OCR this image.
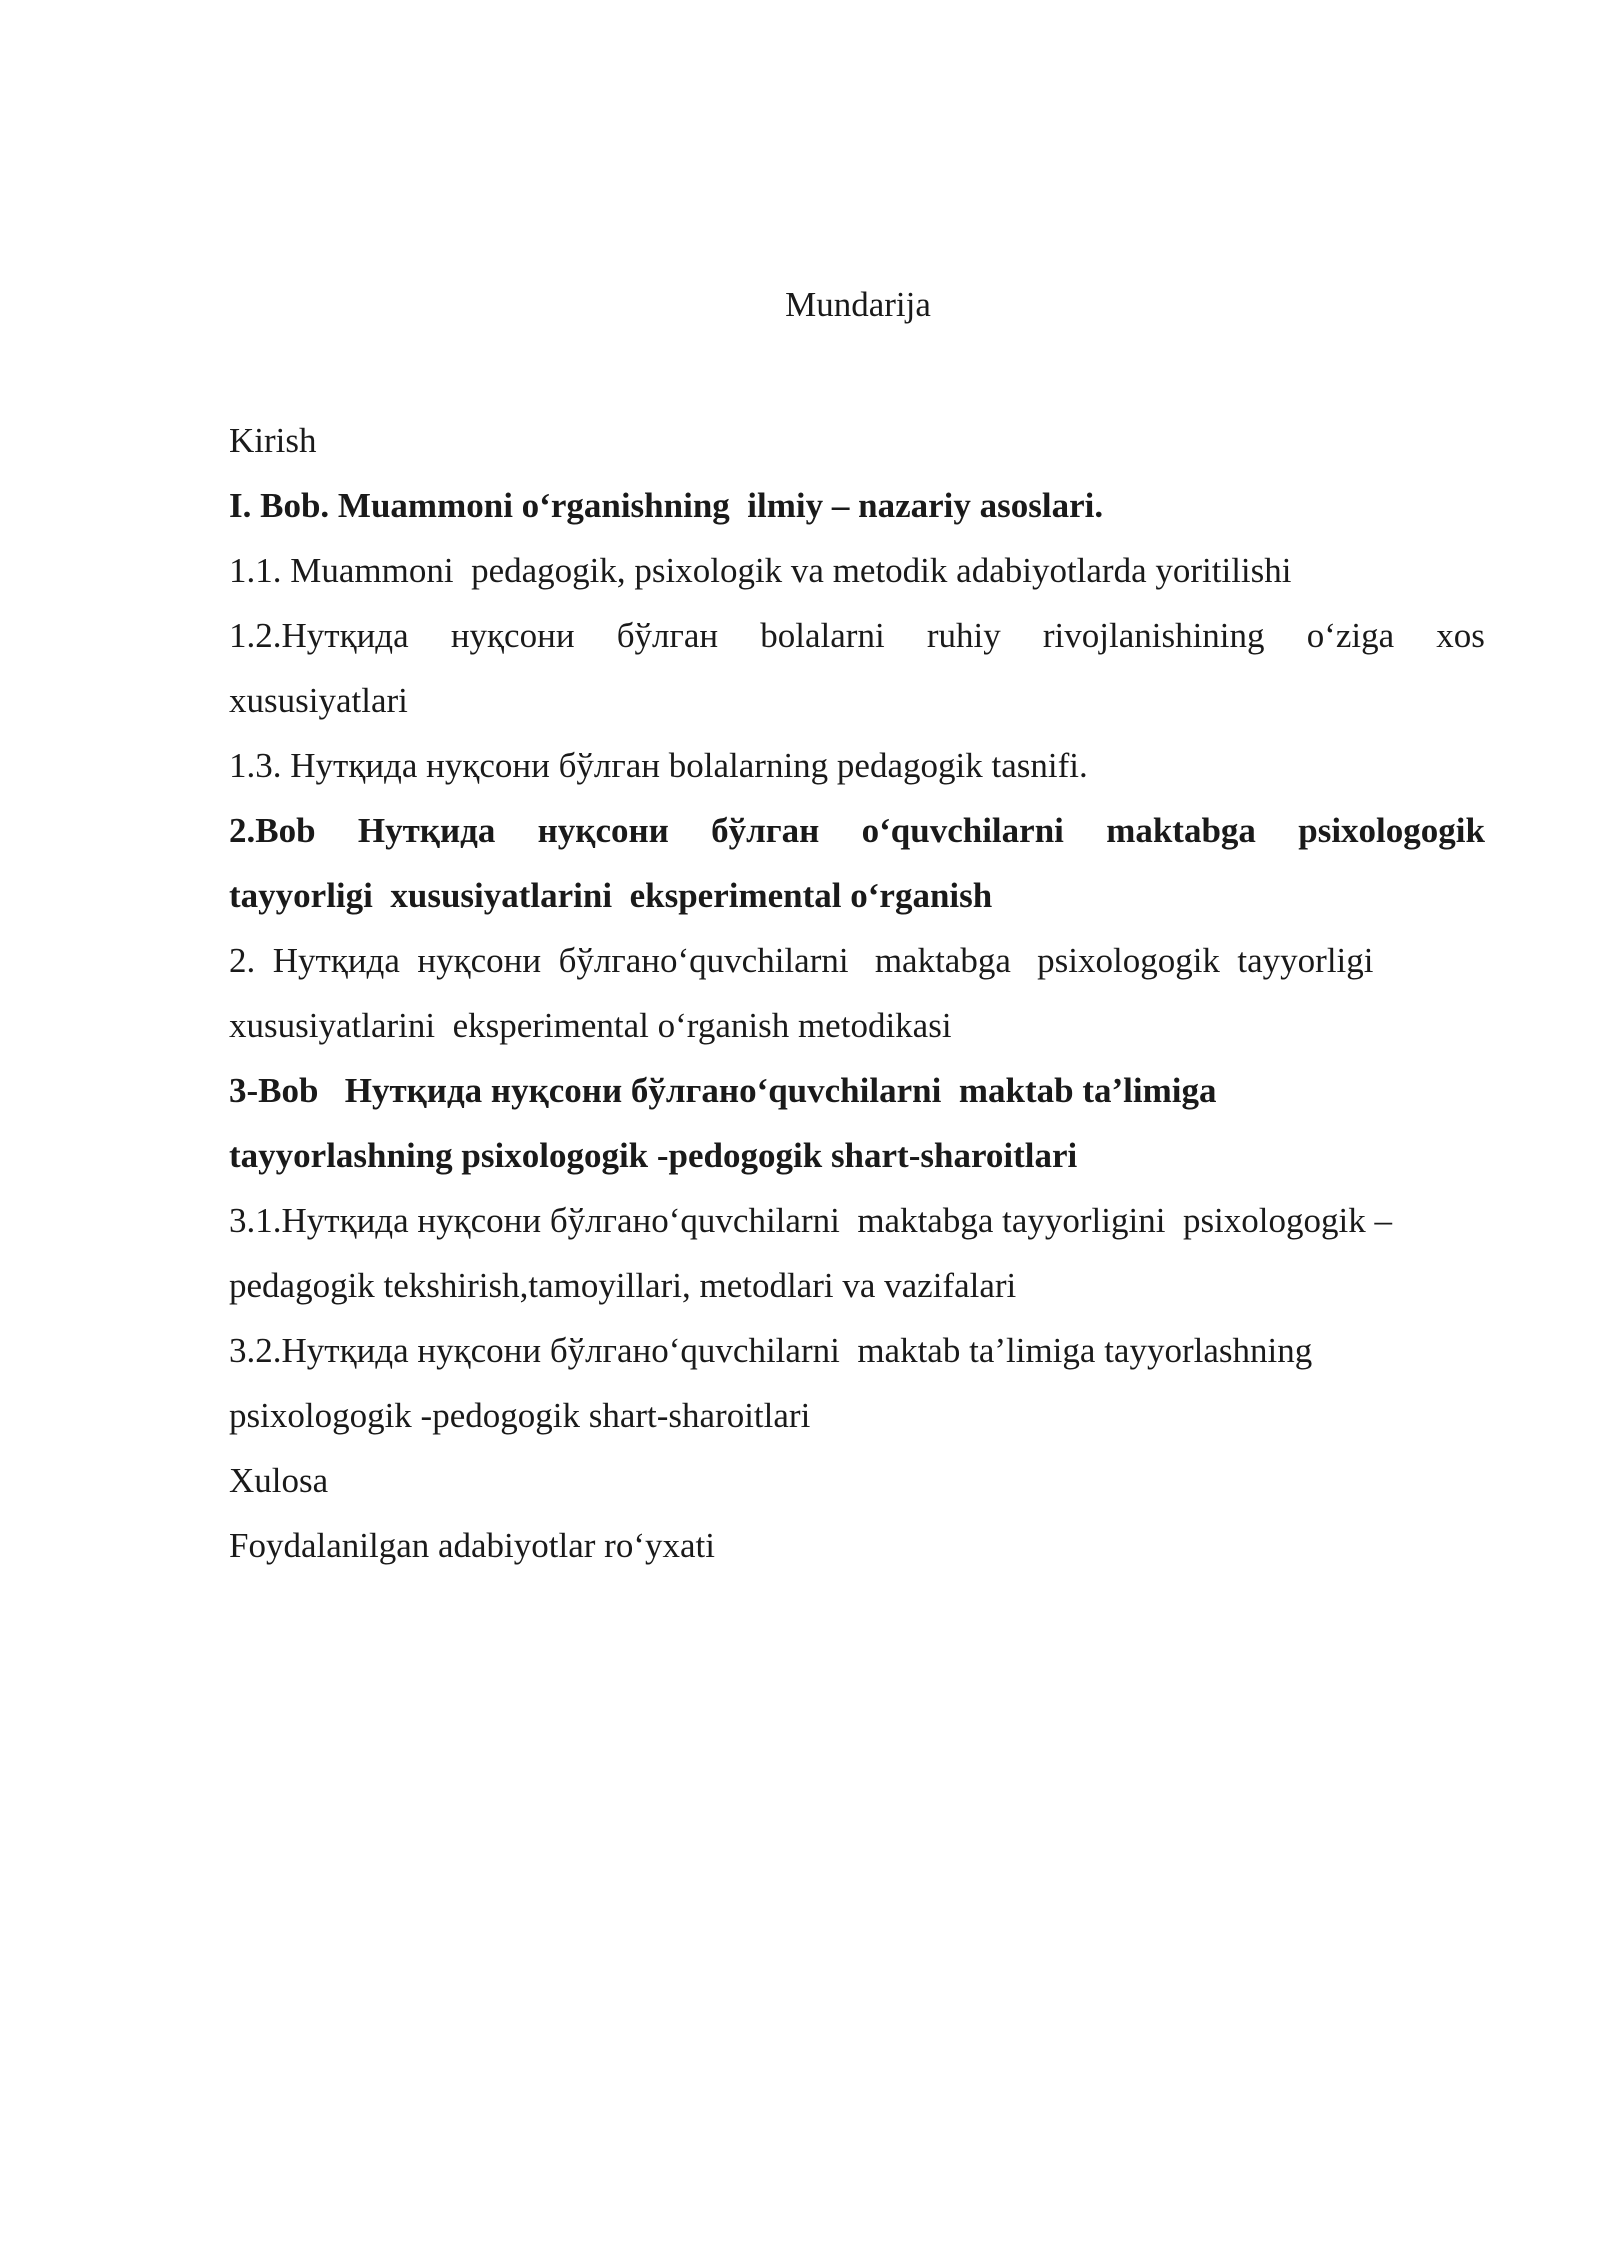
Mundarija
Kirish
I. Bob. Muammoni o‘rganishning  ilmiy – nazariy asoslari.
1.1. Muammoni  pedagogik, psixologik va metodik adabiyotlarda yoritilishi
1.2.Нутқида нуқсони бўлган bolalarni ruhiy rivojlanishining o‘ziga xos
xususiyatlari
1.3. Нутқида нуқсони бўлган bolalarning pedagogik tasnifi.
2.Bob Нутқида нуқсони бўлган o‘quvchilarni maktabga psixologogik
tayyorligi  xususiyatlarini  eksperimental o‘rganish
2.  Нутқида  нуқсони  бўлганo‘quvchilarni   maktabga   psixologogik  tayyorligi
xususiyatlarini  eksperimental o‘rganish metodikasi
3-Bob   Нутқида нуқсони бўлганo‘quvchilarni  maktab ta’limiga
tayyorlashning psixologogik -pedogogik shart-sharoitlari
3.1.Нутқида нуқсони бўлганo‘quvchilarni  maktabga tayyorligini  psixologogik –
pedagogik tekshirish,tamoyillari, metodlari va vazifalari
3.2.Нутқида нуқсони бўлганo‘quvchilarni  maktab ta’limiga tayyorlashning
psixologogik -pedogogik shart-sharoitlari
Xulosa
Foydalanilgan adabiyotlar ro‘yxati
